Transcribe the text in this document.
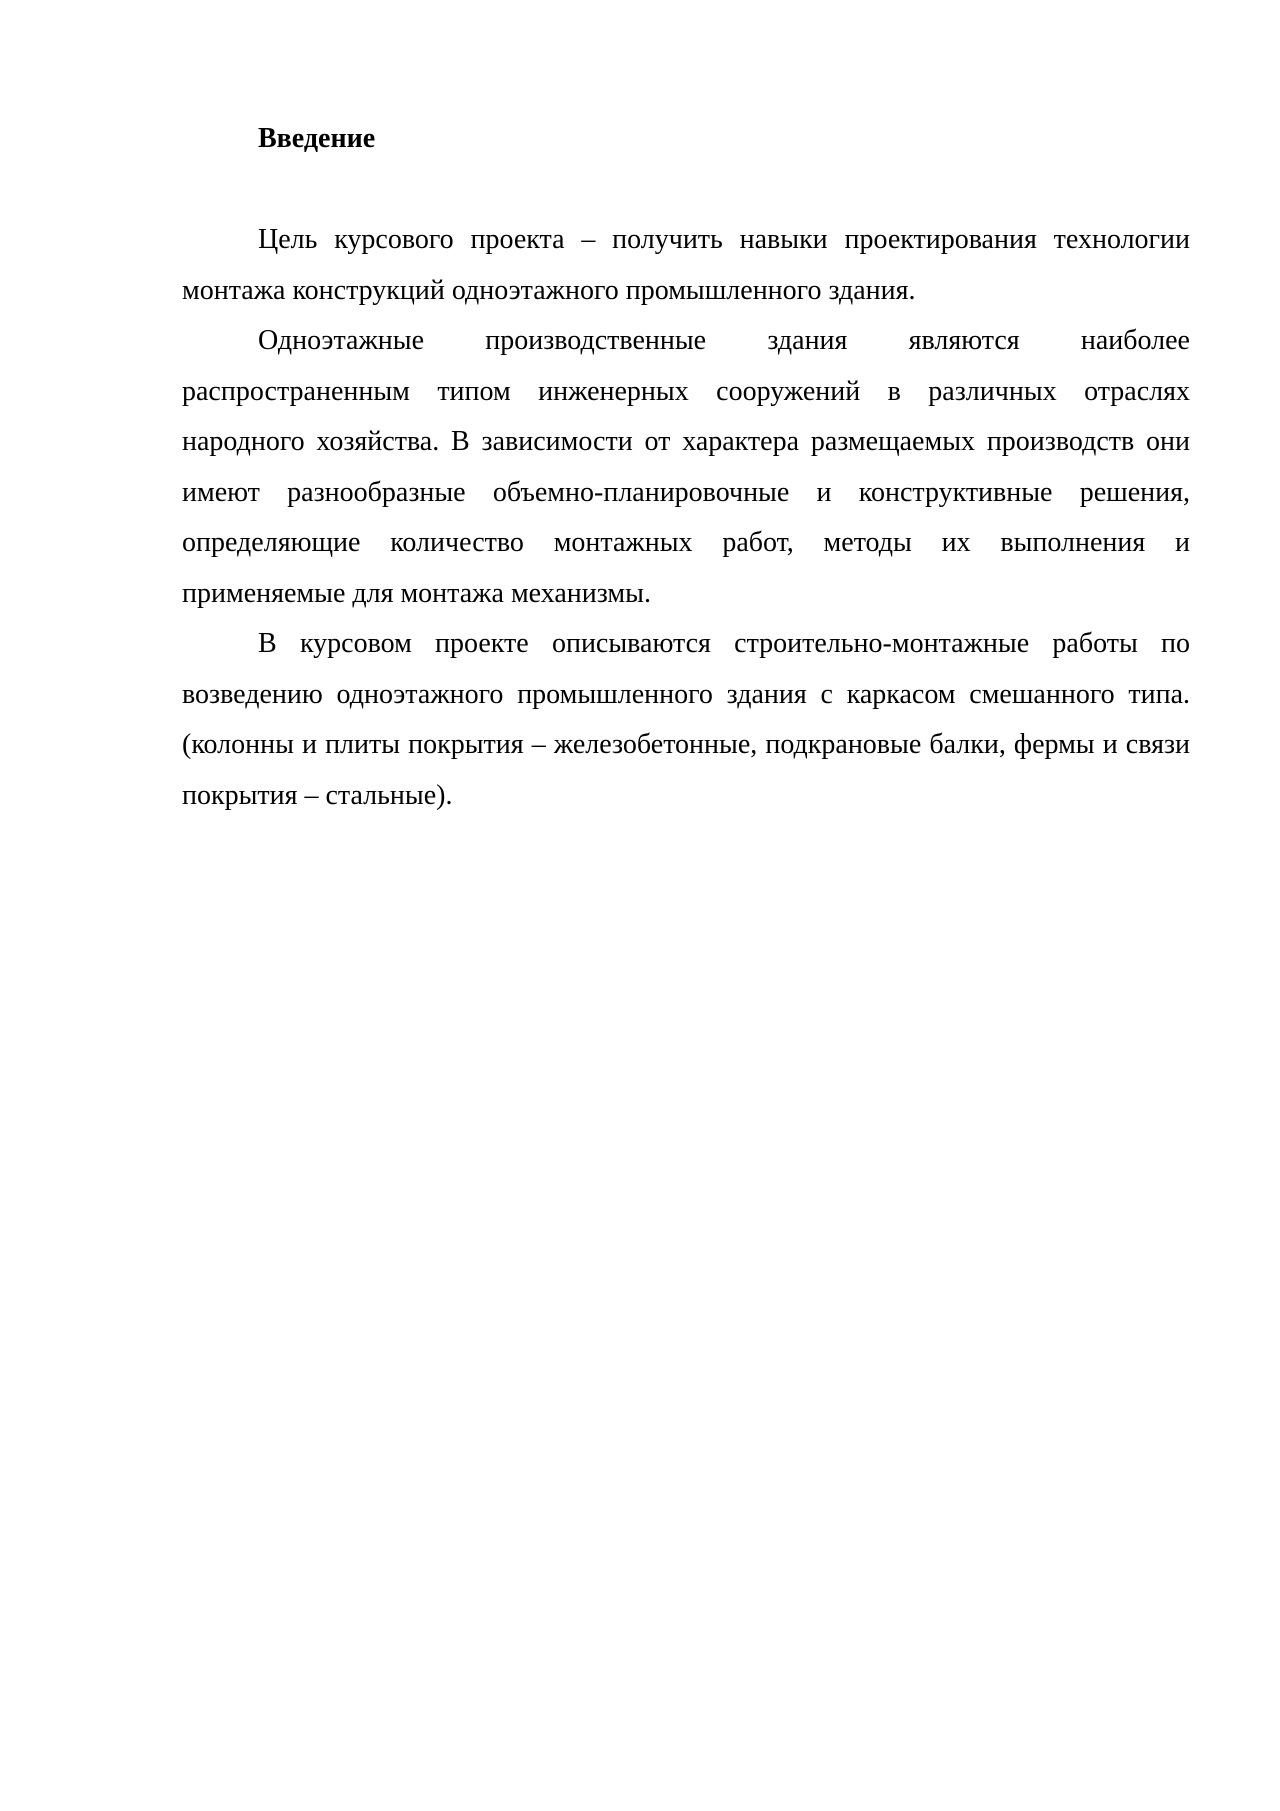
Введение

Цель курсового проекта – получить навыки проектирования технологии монтажа конструкций одноэтажного промышленного здания.

Одноэтажные производственные здания являются наиболее распространенным типом инженерных сооружений в различных отраслях народного хозяйства. В зависимости от характера размещаемых производств они имеют разнообразные объемно-планировочные и конструктивные решения, определяющие количество монтажных работ, методы их выполнения и применяемые для монтажа механизмы.

В курсовом проекте описываются строительно-монтажные работы по возведению одноэтажного промышленного здания с каркасом смешанного типа. (колонны и плиты покрытия – железобетонные, подкрановые балки, фермы и связи покрытия – стальные).
